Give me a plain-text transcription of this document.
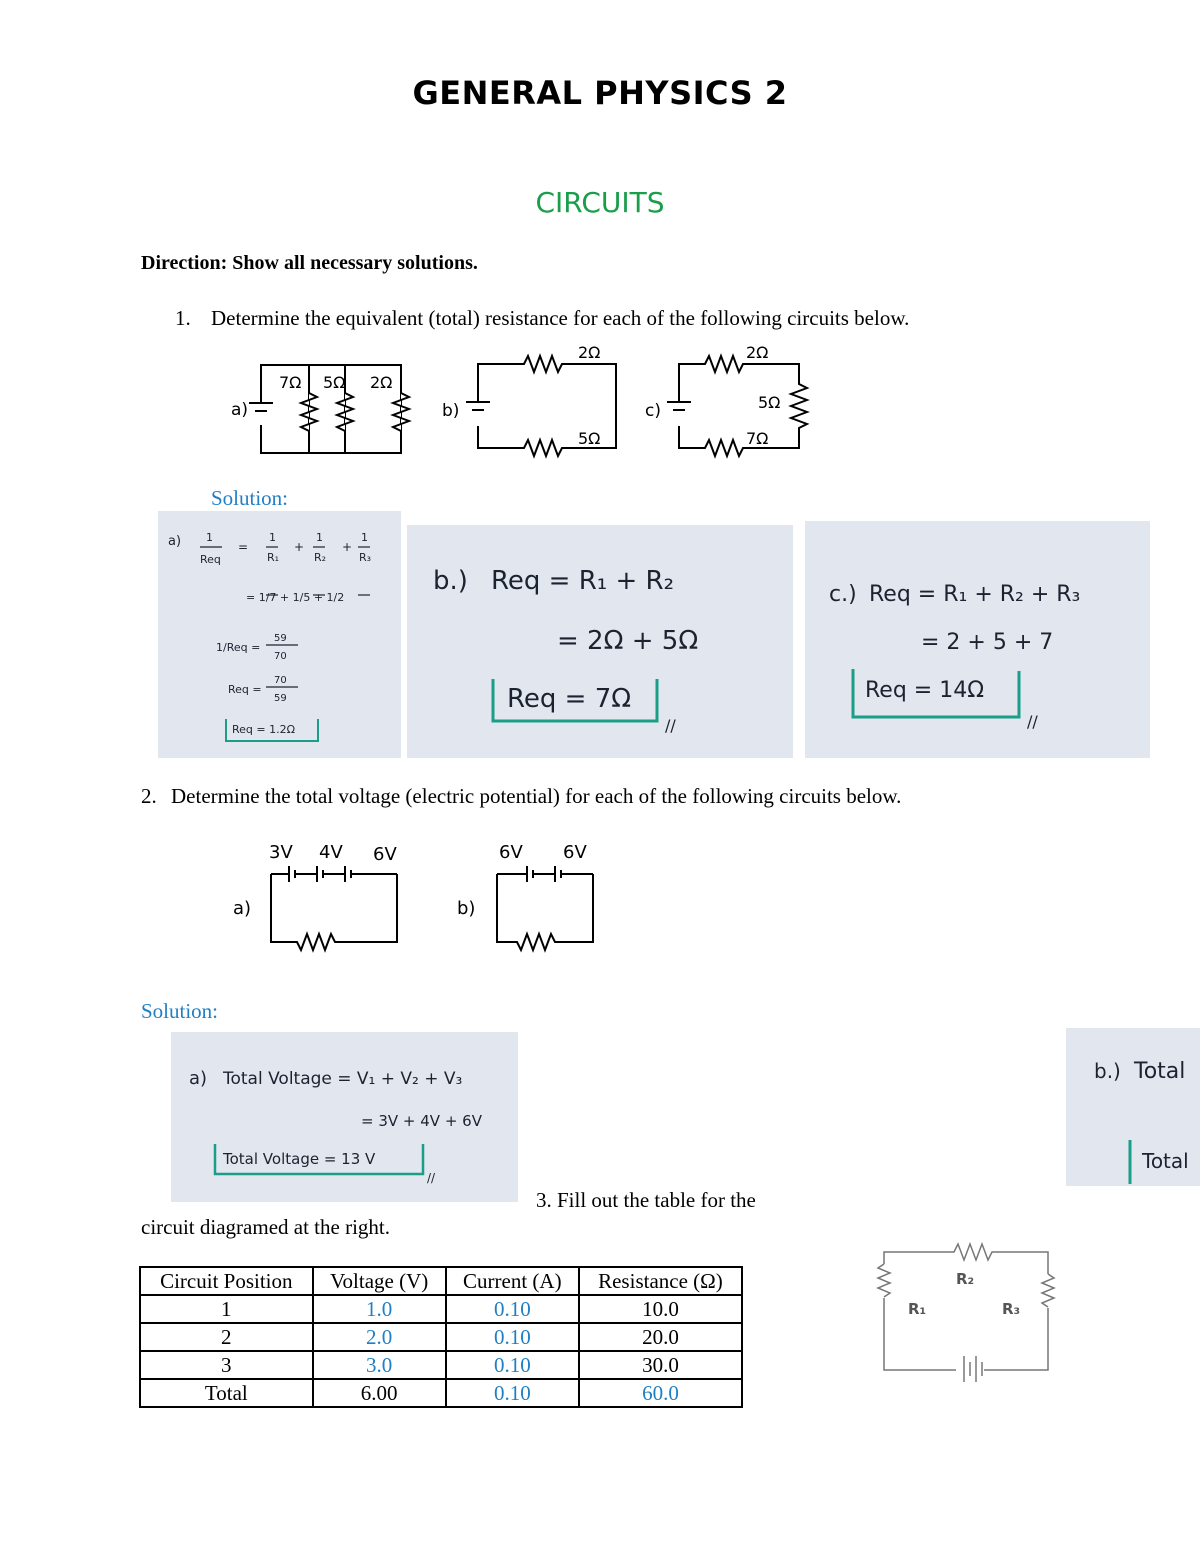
GENERAL PHYSICS 2
CIRCUITS
Direction: Show all necessary solutions.
1. Determine the equivalent (total) resistance for each of the following circuits below.
7Ω 5Ω 2Ω
a)
2Ω
5Ω
b)
2Ω
5Ω
7Ω
c)
Solution:
a) 1
Req
=
1
R₁
+
1
R₂
+
1
R₃
= 1/7 + 1/5 + 1/2
1/Req =
59
70
Req =
70
59
Req = 1.2Ω
b.) Req = R₁ + R₂
= 2Ω + 5Ω
Req = 7Ω
//
c.) Req = R₁ + R₂ + R₃
= 2 + 5 + 7
Req = 14Ω
//
2. Determine the total voltage (electric potential) for each of the following circuits below.
3V 4V 6V
a)
6V 6V
b)
Solution:
a) Total Voltage = V₁ + V₂ + V₃
= 3V + 4V + 6V
Total Voltage = 13 V
//
b.) Total
Total
3. Fill out the table for the
circuit diagramed at the right.
Circuit Position	Voltage (V)	Current (A)	Resistance (Ω)
1	1.0	0.10	10.0
2	2.0	0.10	20.0
3	3.0	0.10	30.0
Total	6.00	0.10	60.0
R₁
R₂
R₃
